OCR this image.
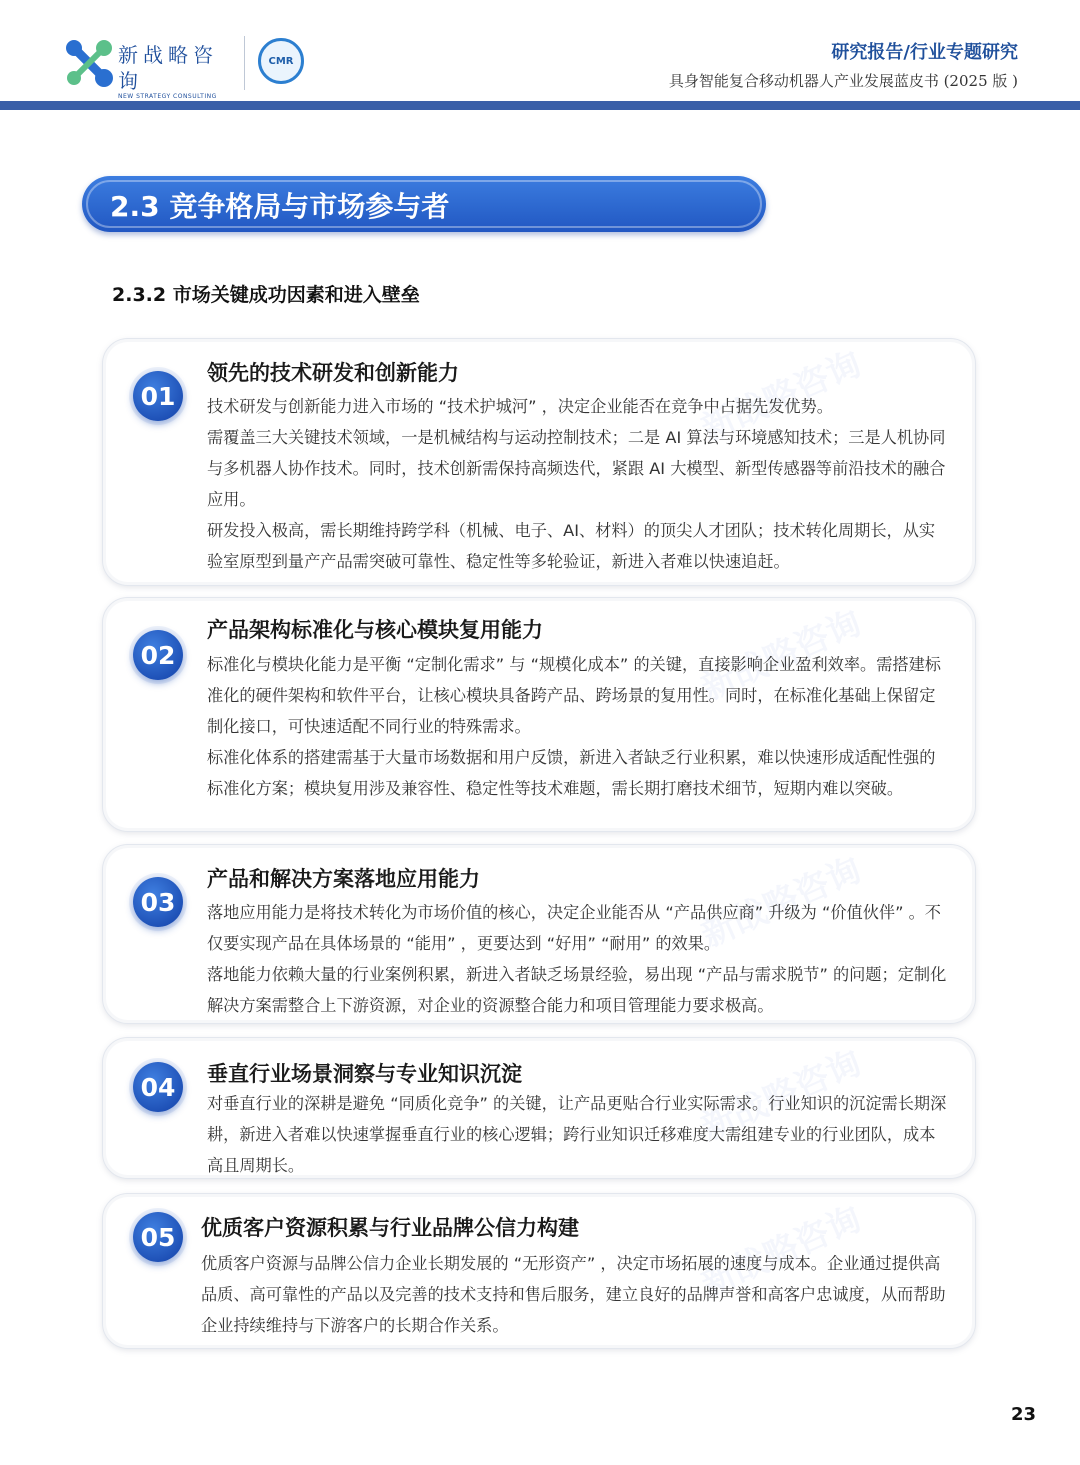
新战略咨询
NEW STRATEGY CONSULTING
CMR	研究报告/行业专题研究
具身智能复合移动机器人产业发展蓝皮书 (2025 版 )
2.3 竞争格局与市场参与者
2.3.2 市场关键成功因素和进入壁垒
新战略咨询
01
领先的技术研发和创新能力

技术研发与创新能力进入市场的 “技术护城河” ，决定企业能否在竞争中占据先发优势。

需覆盖三大关键技术领域，一是机械结构与运动控制技术；二是 AI 算法与环境感知技术；三是人机协同与多机器人协作技术。同时，技术创新需保持高频迭代，紧跟 AI 大模型、新型传感器等前沿技术的融合应用。

研发投入极高，需长期维持跨学科（机械、电子、AI、材料）的顶尖人才团队；技术转化周期长，从实验室原型到量产产品需突破可靠性、稳定性等多轮验证，新进入者难以快速追赶。

新战略咨询
02
产品架构标准化与核心模块复用能力

标准化与模块化能力是平衡 “定制化需求” 与 “规模化成本” 的关键，直接影响企业盈利效率。需搭建标准化的硬件架构和软件平台，让核心模块具备跨产品、跨场景的复用性。同时，在标准化基础上保留定制化接口，可快速适配不同行业的特殊需求。

标准化体系的搭建需基于大量市场数据和用户反馈，新进入者缺乏行业积累，难以快速形成适配性强的标准化方案；模块复用涉及兼容性、稳定性等技术难题，需长期打磨技术细节，短期内难以突破。

新战略咨询
03
产品和解决方案落地应用能力

落地应用能力是将技术转化为市场价值的核心，决定企业能否从 “产品供应商” 升级为 “价值伙伴” 。不仅要实现产品在具体场景的 “能用” ，更要达到 “好用” “耐用” 的效果。

落地能力依赖大量的行业案例积累，新进入者缺乏场景经验，易出现 “产品与需求脱节” 的问题；定制化解决方案需整合上下游资源，对企业的资源整合能力和项目管理能力要求极高。

新战略咨询
04 垂直行业场景洞察与专业知识沉淀

对垂直行业的深耕是避免 “同质化竞争” 的关键，让产品更贴合行业实际需求。行业知识的沉淀需长期深耕，新进入者难以快速掌握垂直行业的核心逻辑；跨行业知识迁移难度大需组建专业的行业团队，成本高且周期长。

新战略咨询
05 优质客户资源积累与行业品牌公信力构建

优质客户资源与品牌公信力企业长期发展的 “无形资产” ，决定市场拓展的速度与成本。企业通过提供高品质、高可靠性的产品以及完善的技术支持和售后服务，建立良好的品牌声誉和高客户忠诚度，从而帮助企业持续维持与下游客户的长期合作关系。

23
